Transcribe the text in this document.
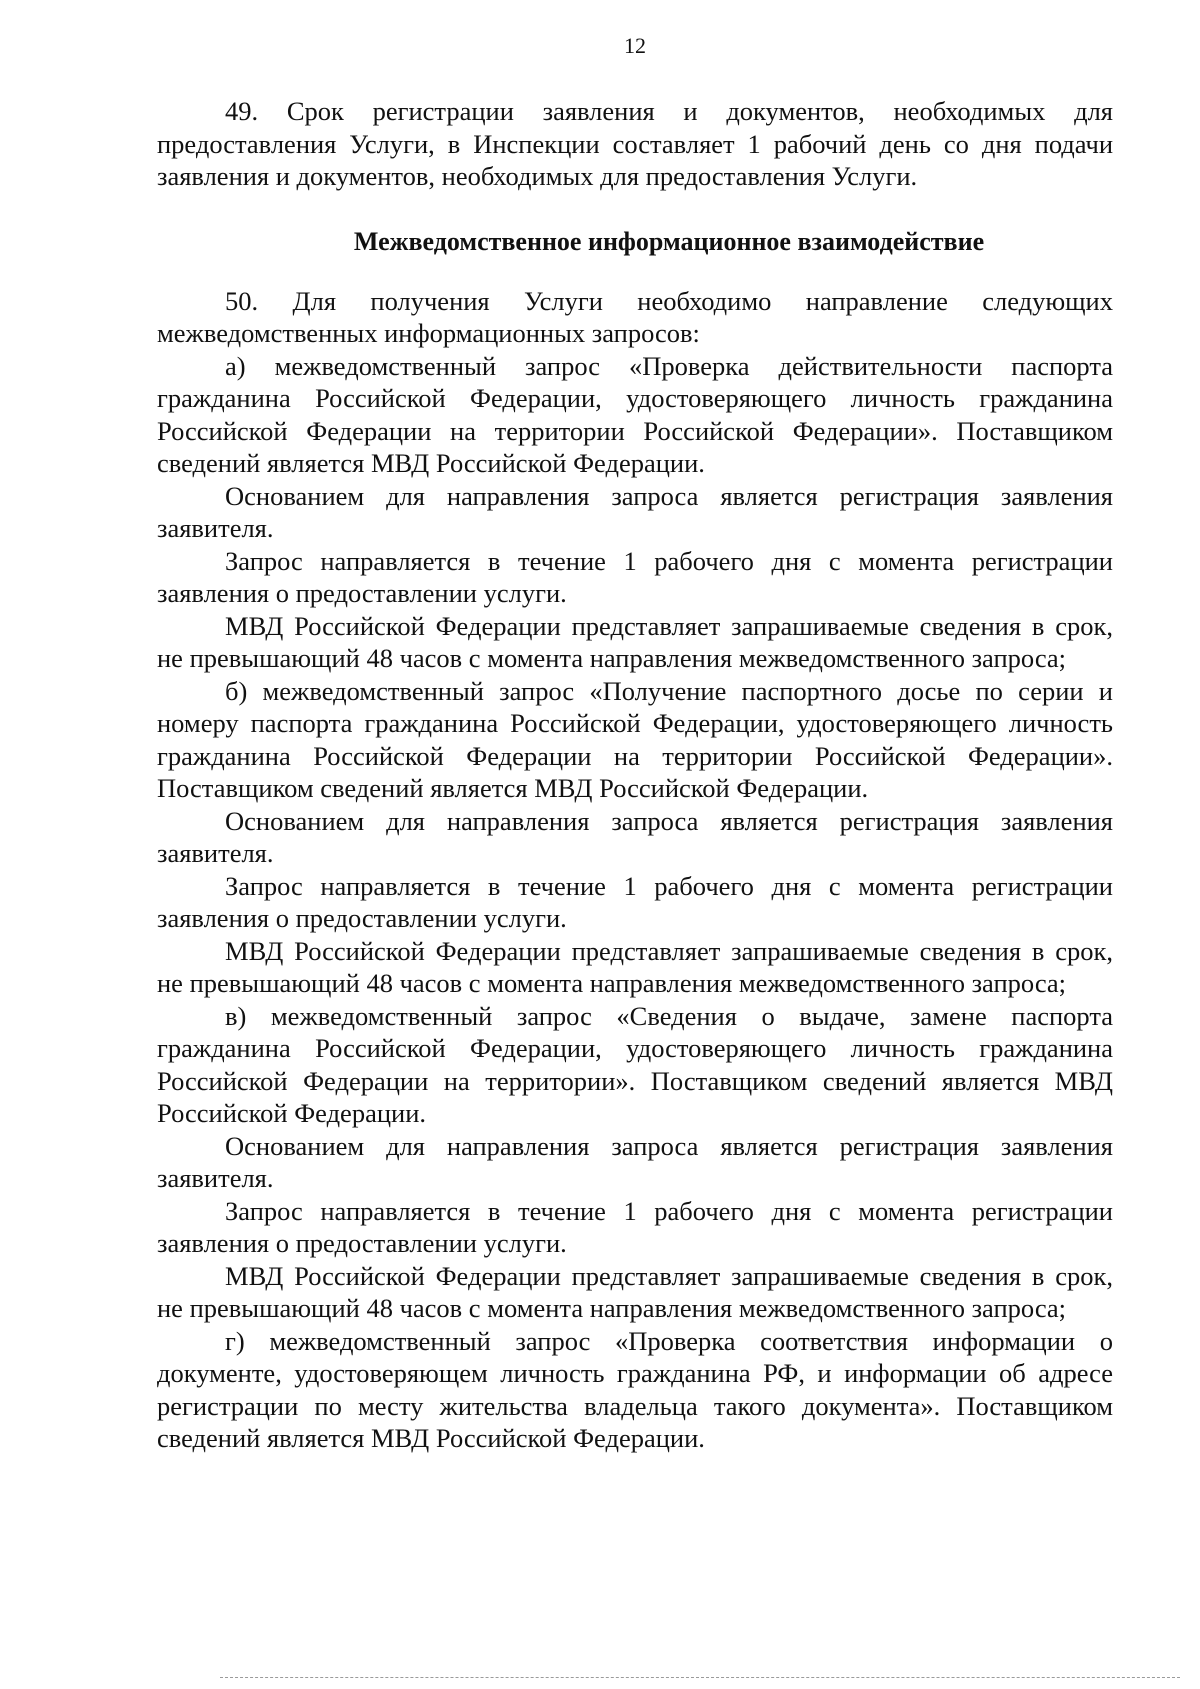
12

49. Срок регистрации заявления и документов, необходимых для предоставления Услуги, в Инспекции составляет 1 рабочий день со дня подачи заявления и документов, необходимых для предоставления Услуги.

Межведомственное информационное взаимодействие

50. Для получения Услуги необходимо направление следующих межведомственных информационных запросов:

а) межведомственный запрос «Проверка действительности паспорта гражданина Российской Федерации, удостоверяющего личность гражданина Российской Федерации на территории Российской Федерации». Поставщиком сведений является МВД Российской Федерации.

Основанием для направления запроса является регистрация заявления заявителя.

Запрос направляется в течение 1 рабочего дня с момента регистрации заявления о предоставлении услуги.

МВД Российской Федерации представляет запрашиваемые сведения в срок, не превышающий 48 часов с момента направления межведомственного запроса;

б) межведомственный запрос «Получение паспортного досье по серии и номеру паспорта гражданина Российской Федерации, удостоверяющего личность гражданина Российской Федерации на территории Российской Федерации». Поставщиком сведений является МВД Российской Федерации.

Основанием для направления запроса является регистрация заявления заявителя.

Запрос направляется в течение 1 рабочего дня с момента регистрации заявления о предоставлении услуги.

МВД Российской Федерации представляет запрашиваемые сведения в срок, не превышающий 48 часов с момента направления межведомственного запроса;

в) межведомственный запрос «Сведения о выдаче, замене паспорта гражданина Российской Федерации, удостоверяющего личность гражданина Российской Федерации на территории». Поставщиком сведений является МВД Российской Федерации.

Основанием для направления запроса является регистрация заявления заявителя.

Запрос направляется в течение 1 рабочего дня с момента регистрации заявления о предоставлении услуги.

МВД Российской Федерации представляет запрашиваемые сведения в срок, не превышающий 48 часов с момента направления межведомственного запроса;

г) межведомственный запрос «Проверка соответствия информации о документе, удостоверяющем личность гражданина РФ, и информации об адресе регистрации по месту жительства владельца такого документа». Поставщиком сведений является МВД Российской Федерации.
